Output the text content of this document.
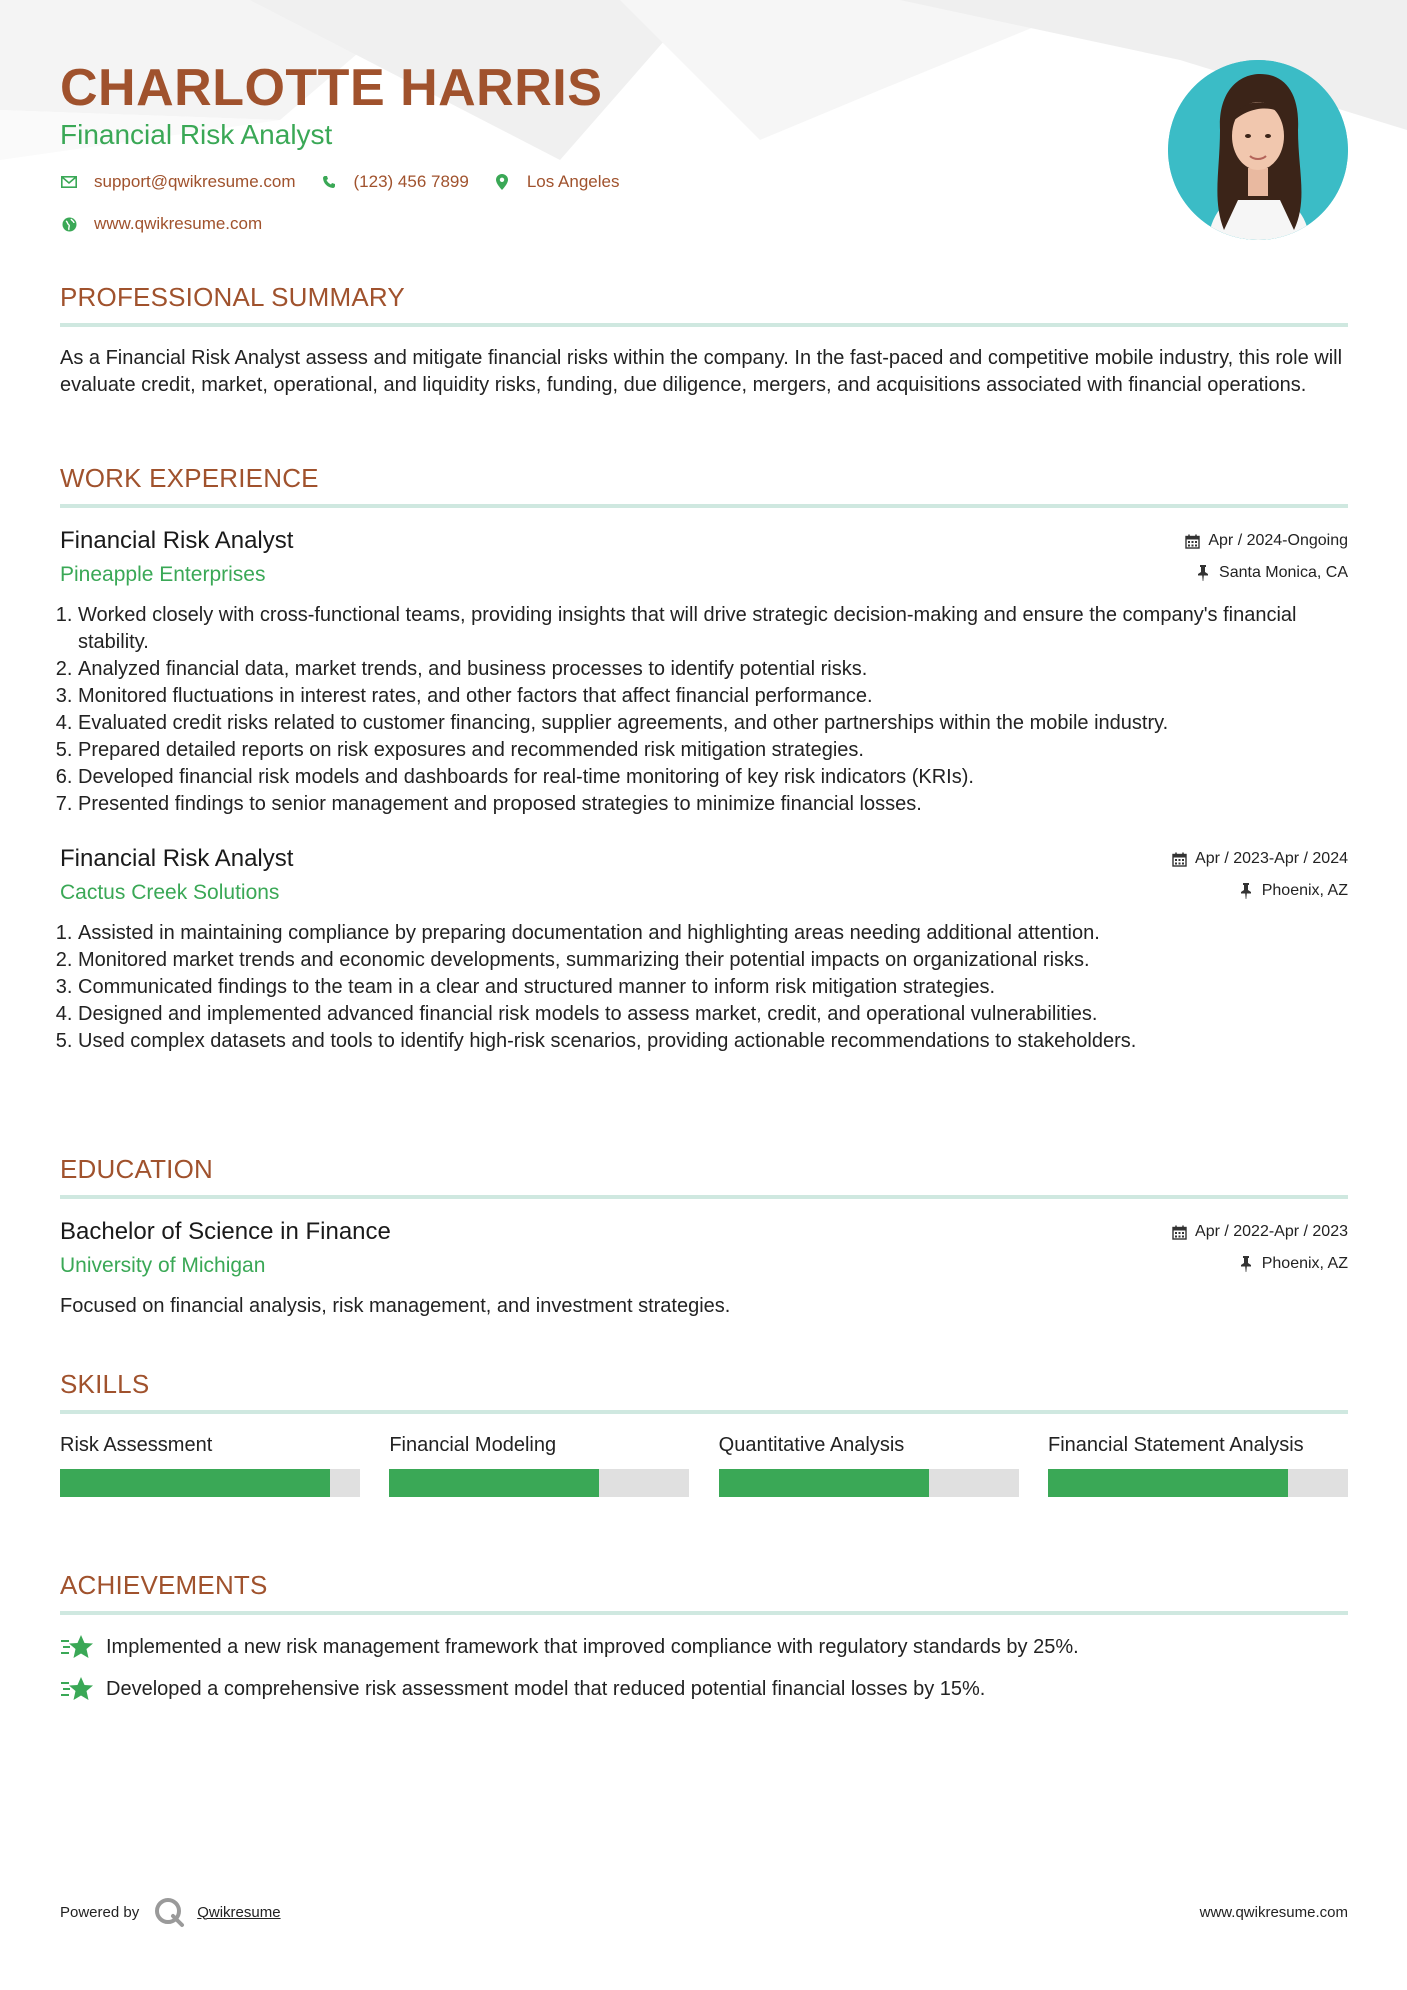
CHARLOTTE HARRIS
Financial Risk Analyst
support@qwikresume.com	(123) 456 7899	Los Angeles
www.qwikresume.com
PROFESSIONAL SUMMARY
As a Financial Risk Analyst assess and mitigate financial risks within the company. In the fast-paced and competitive mobile industry, this role will evaluate credit, market, operational, and liquidity risks, funding, due diligence, mergers, and acquisitions associated with financial operations.
WORK EXPERIENCE
Financial Risk Analyst
Pineapple Enterprises
Apr / 2024-Ongoing
Santa Monica, CA
1. Worked closely with cross-functional teams, providing insights that will drive strategic decision-making and ensure the company's financial stability.
2. Analyzed financial data, market trends, and business processes to identify potential risks.
3. Monitored fluctuations in interest rates, and other factors that affect financial performance.
4. Evaluated credit risks related to customer financing, supplier agreements, and other partnerships within the mobile industry.
5. Prepared detailed reports on risk exposures and recommended risk mitigation strategies.
6. Developed financial risk models and dashboards for real-time monitoring of key risk indicators (KRIs).
7. Presented findings to senior management and proposed strategies to minimize financial losses.
Financial Risk Analyst
Cactus Creek Solutions
Apr / 2023-Apr / 2024
Phoenix, AZ
1. Assisted in maintaining compliance by preparing documentation and highlighting areas needing additional attention.
2. Monitored market trends and economic developments, summarizing their potential impacts on organizational risks.
3. Communicated findings to the team in a clear and structured manner to inform risk mitigation strategies.
4. Designed and implemented advanced financial risk models to assess market, credit, and operational vulnerabilities.
5. Used complex datasets and tools to identify high-risk scenarios, providing actionable recommendations to stakeholders.
EDUCATION
Bachelor of Science in Finance
University of Michigan
Apr / 2022-Apr / 2023
Phoenix, AZ
Focused on financial analysis, risk management, and investment strategies.
SKILLS
Risk Assessment	Financial Modeling	Quantitative Analysis	Financial Statement Analysis
ACHIEVEMENTS
Implemented a new risk management framework that improved compliance with regulatory standards by 25%.
Developed a comprehensive risk assessment model that reduced potential financial losses by 15%.
Powered by	Qwikresume	www.qwikresume.com
